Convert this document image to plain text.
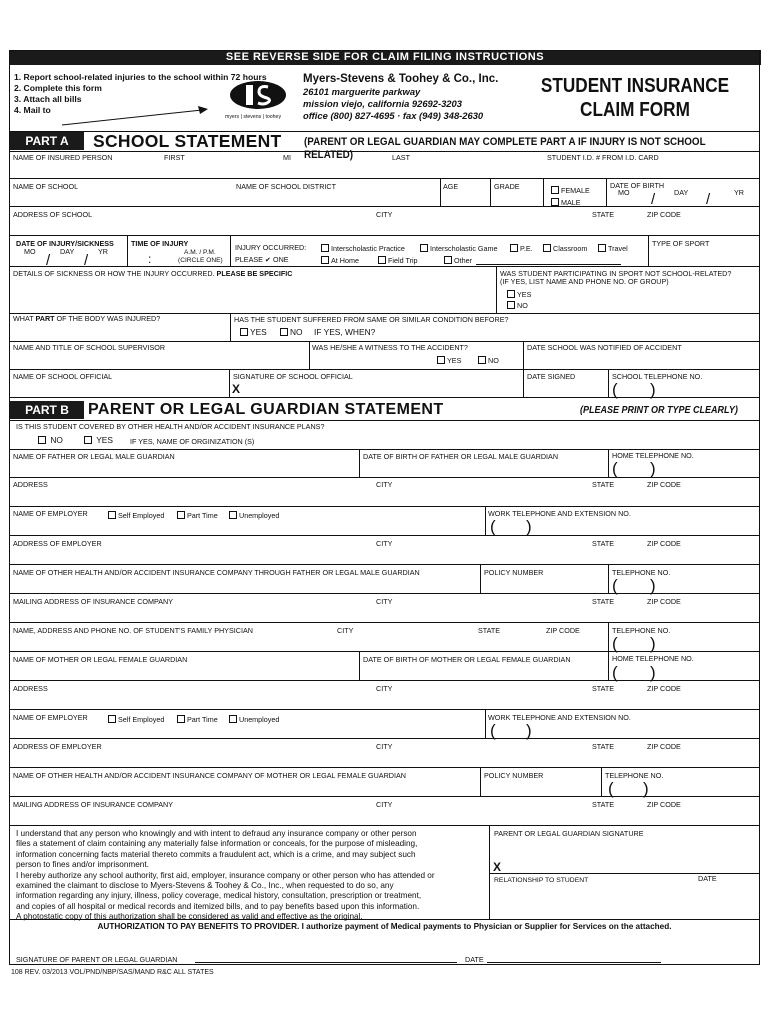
SEE REVERSE SIDE FOR CLAIM FILING INSTRUCTIONS
1. Report school-related injuries to the school within 72 hours
2. Complete this form
3. Attach all bills
4. Mail to
myers | stevens | toohey
Myers-Stevens & Toohey & Co., Inc.
26101 marguerite parkway
mission viejo, california 92692-3203
office (800) 827-4695 · fax (949) 348-2630
STUDENT INSURANCE
CLAIM FORM
PART A	SCHOOL STATEMENT (PARENT OR LEGAL GUARDIAN MAY COMPLETE PART A IF INJURY IS NOT SCHOOL RELATED)
NAME OF INSURED PERSON	FIRST	MI	LAST	STUDENT I.D. # FROM I.D. CARD
NAME OF SCHOOL	NAME OF SCHOOL DISTRICT	AGE	GRADE	FEMALE
MALE
DATE OF BIRTH
MO	DAY	YR
/	/
ADDRESS OF SCHOOL	CITY	STATE	ZIP CODE
DATE OF INJURY/SICKNESS
MO	DAY	YR
/ /
TIME OF INJURY
:	A.M. / P.M.
(CIRCLE ONE)
INJURY OCCURRED:
PLEASE ✔ ONE
Interscholastic Practice	Interscholastic Game	P.E.	Classroom	Travel
At Home	Field Trip	Other
TYPE OF SPORT
DETAILS OF SICKNESS OR HOW THE INJURY OCCURRED. PLEASE BE SPECIFIC	WAS STUDENT PARTICIPATING IN SPORT NOT SCHOOL-RELATED?
(IF YES, LIST NAME AND PHONE NO. OF GROUP)
YES
NO
WHAT PART OF THE BODY WAS INJURED?	HAS THE STUDENT SUFFERED FROM SAME OR SIMILAR CONDITION BEFORE?
YES	NO IF YES, WHEN?
NAME AND TITLE OF SCHOOL SUPERVISOR	WAS HE/SHE A WITNESS TO THE ACCIDENT?
YES	NO
DATE SCHOOL WAS NOTIFIED OF ACCIDENT
NAME OF SCHOOL OFFICIAL	SIGNATURE OF SCHOOL OFFICIAL
X
DATE SIGNED	SCHOOL TELEPHONE NO.
( )
PART B	PARENT OR LEGAL GUARDIAN STATEMENT	(PLEASE PRINT OR TYPE CLEARLY)
IS THIS STUDENT COVERED BY OTHER HEALTH AND/OR ACCIDENT INSURANCE PLANS?
NO	YES IF YES, NAME OF ORGINIZATION (S)
NAME OF FATHER OR LEGAL MALE GUARDIAN	DATE OF BIRTH OF FATHER OR LEGAL MALE GUARDIAN	HOME TELEPHONE NO.
( )
ADDRESS	CITY	STATE	ZIP CODE
NAME OF EMPLOYER	Self Employed	Part Time	Unemployed	WORK TELEPHONE AND EXTENSION NO.
( )
ADDRESS OF EMPLOYER	CITY	STATE	ZIP CODE
NAME OF OTHER HEALTH AND/OR ACCIDENT INSURANCE COMPANY THROUGH FATHER OR LEGAL MALE GUARDIAN	POLICY NUMBER	TELEPHONE NO.
( )
MAILING ADDRESS OF INSURANCE COMPANY	CITY	STATE	ZIP CODE
NAME, ADDRESS AND PHONE NO. OF STUDENT'S FAMILY PHYSICIAN	CITY	STATE	ZIP CODE	TELEPHONE NO.
( )
NAME OF MOTHER OR LEGAL FEMALE GUARDIAN	DATE OF BIRTH OF MOTHER OR LEGAL FEMALE GUARDIAN	HOME TELEPHONE NO.
( )
ADDRESS	CITY	STATE	ZIP CODE
NAME OF EMPLOYER	Self Employed	Part Time	Unemployed	WORK TELEPHONE AND EXTENSION NO.
( )
ADDRESS OF EMPLOYER	CITY	STATE	ZIP CODE
NAME OF OTHER HEALTH AND/OR ACCIDENT INSURANCE COMPANY OF MOTHER OR LEGAL FEMALE GUARDIAN	POLICY NUMBER	TELEPHONE NO.
( )
MAILING ADDRESS OF INSURANCE COMPANY	CITY	STATE	ZIP CODE
I understand that any person who knowingly and with intent to defraud any insurance company or other person
files a statement of claim containing any materially false information or conceals, for the purpose of misleading,
information concerning facts material thereto commits a fraudulent act, which is a crime, and may subject such
person to fines and/or imprisonment.
I hereby authorize any school authority, first aid, employer, insurance company or other person who has attended or
examined the claimant to disclose to Myers-Stevens & Toohey & Co., Inc., when requested to do so, any
information regarding any injury, illness, policy coverage, medical history, consultation, prescription or treatment,
and copies of all hospital or medical records and itemized bills, and to pay benefits based upon this information.
A photostatic copy of this authorization shall be considered as valid and effective as the original.
PARENT OR LEGAL GUARDIAN SIGNATURE
X
RELATIONSHIP TO STUDENT	DATE
AUTHORIZATION TO PAY BENEFITS TO PROVIDER. I authorize payment of Medical payments to Physician or Supplier for Services on the attached.
SIGNATURE OF PARENT OR LEGAL GUARDIAN	DATE
108 REV. 03/2013 VOL/PND/NBP/SAS/MAND R&C ALL STATES
